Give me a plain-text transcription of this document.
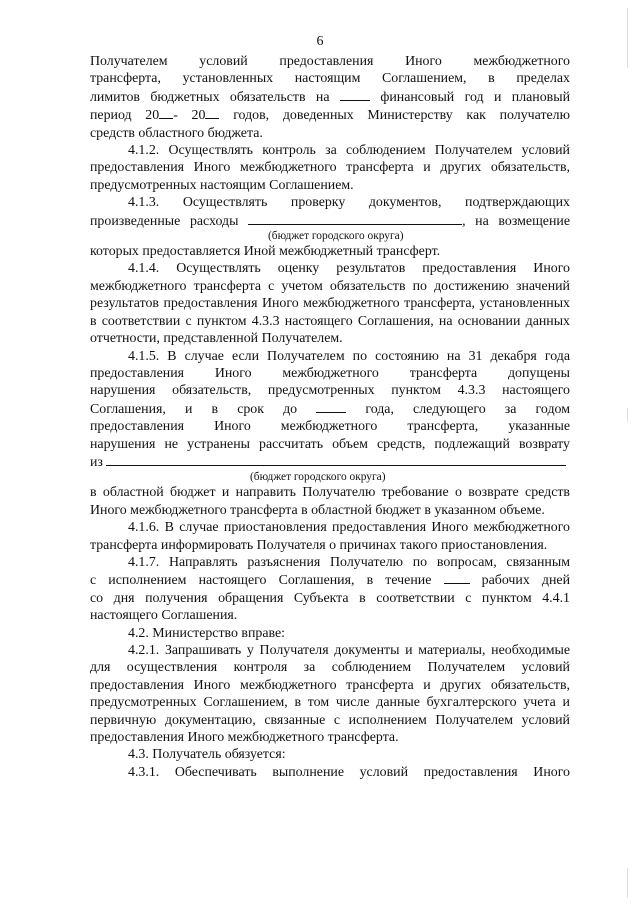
6

Получателем условий предоставления Иного межбюджетного

трансферта, установленных настоящим Соглашением, в пределах

лимитов бюджетных обязательств на	финансовый год и плановый

период 20 - 20 годов, доведенных Министерству как получателю

средств областного бюджета.

4.1.2. Осуществлять контроль за соблюдением Получателем условий предоставления Иного межбюджетного трансферта и других обязательств, предусмотренных настоящим Соглашением.

4.1.3. Осуществлять проверку документов, подтверждающих

произведенные расходы	, на возмещение

(бюджет городского округа)

которых предоставляется Иной межбюджетный трансферт.

4.1.4. Осуществлять оценку результатов предоставления Иного межбюджетного трансферта с учетом обязательств по достижению значений результатов предоставления Иного межбюджетного трансферта, установленных в соответствии с пунктом 4.3.3 настоящего Соглашения, на основании данных отчетности, представленной Получателем.

4.1.5. В случае если Получателем по состоянию на 31 декабря года

предоставления Иного межбюджетного трансферта допущены

нарушения обязательств, предусмотренных пунктом 4.3.3 настоящего

Соглашения, и в срок до	года, следующего за годом

предоставления Иного межбюджетного трансферта, указанные

нарушения не устранены рассчитать объем средств, подлежащий возврату

из

(бюджет городского округа)

в областной бюджет и направить Получателю требование о возврате средств Иного межбюджетного трансферта в областной бюджет в указанном объеме.

4.1.6. В случае приостановления предоставления Иного межбюджетного трансферта информировать Получателя о причинах такого приостановления.

4.1.7. Направлять разъяснения Получателю по вопросам, связанным

с исполнением настоящего Соглашения, в течение	рабочих дней

со дня получения обращения Субъекта в соответствии с пунктом 4.4.1

настоящего Соглашения.

4.2. Министерство вправе:

4.2.1. Запрашивать у Получателя документы и материалы, необходимые для осуществления контроля за соблюдением Получателем условий предоставления Иного межбюджетного трансферта и других обязательств, предусмотренных Соглашением, в том числе данные бухгалтерского учета и первичную документацию, связанные с исполнением Получателем условий предоставления Иного межбюджетного трансферта.

4.3. Получатель обязуется:

4.3.1. Обеспечивать выполнение условий предоставления Иного
